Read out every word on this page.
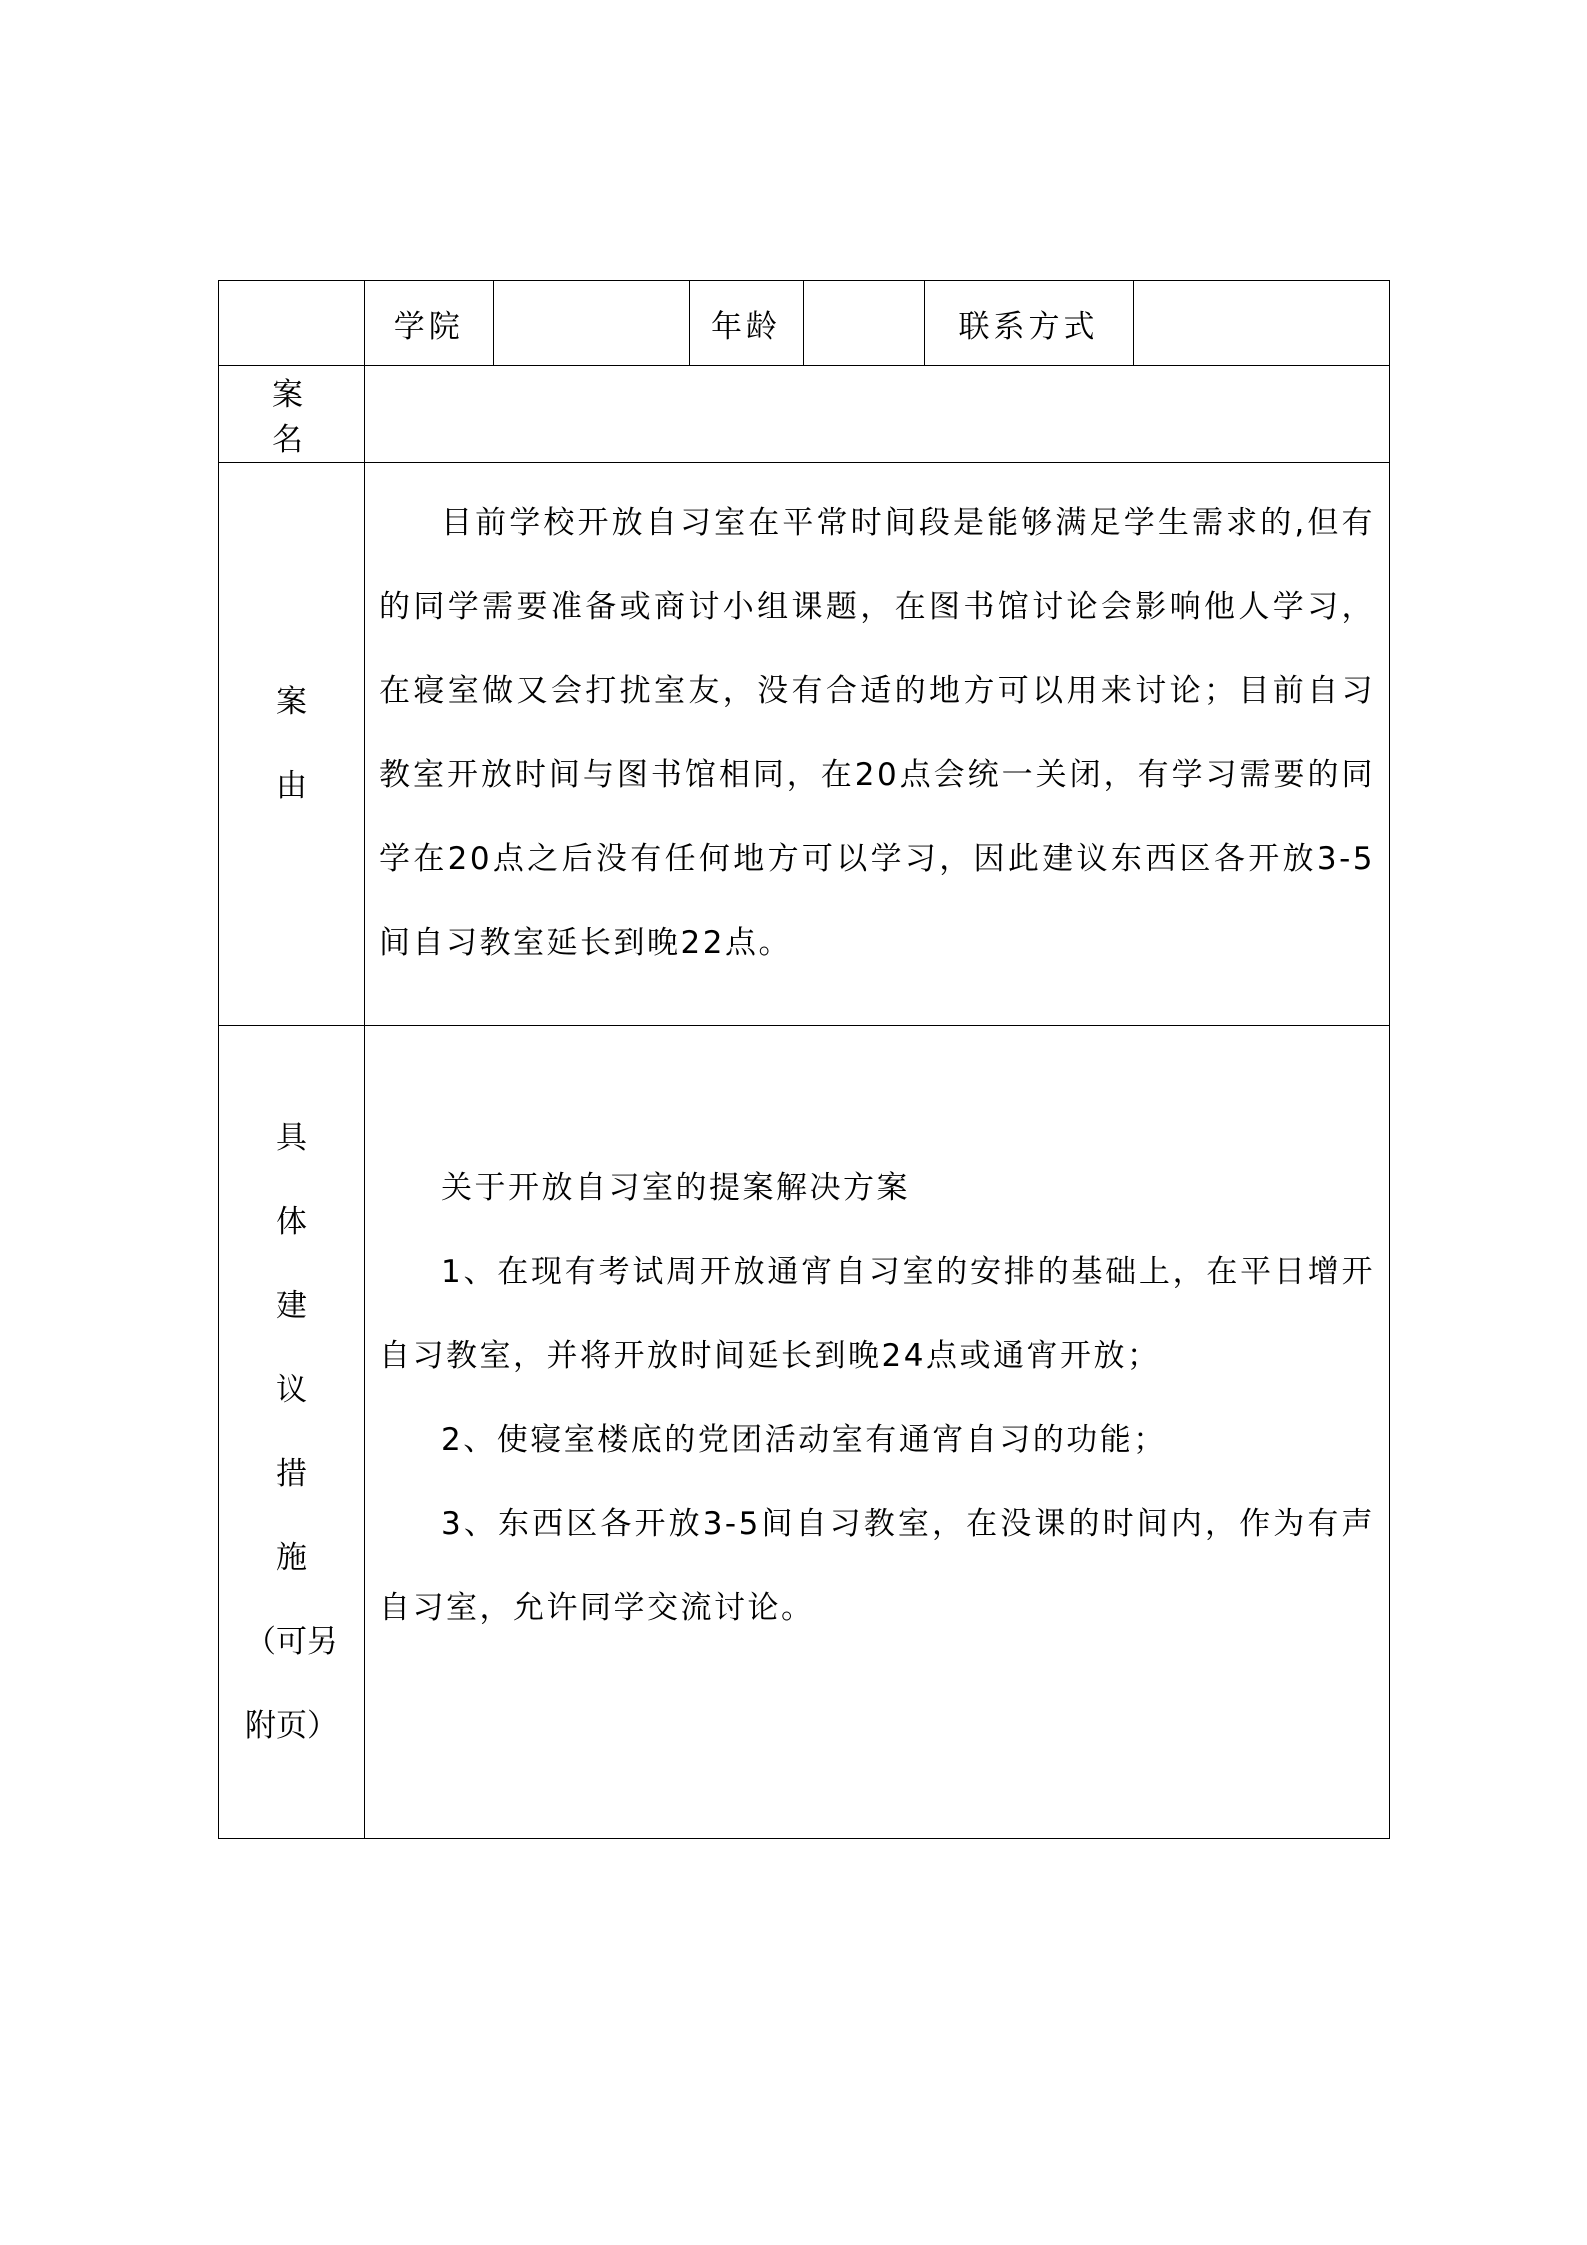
学院		年龄		联系方式	

案 名	

案
由

目前学校开放自习室在平常时间段是能够满足学生需求的,但有的同学需要准备或商讨小组课题，在图书馆讨论会影响他人学习，在寝室做又会打扰室友，没有合适的地方可以用来讨论；目前自习教室开放时间与图书馆相同，在20点会统一关闭，有学习需要的同学在20点之后没有任何地方可以学习，因此建议东西区各开放3-5间自习教室延长到晚22点。

具
体
建
议
措
施
（可另
附页）

关于开放自习室的提案解决方案

1、在现有考试周开放通宵自习室的安排的基础上，在平日增开自习教室，并将开放时间延长到晚24点或通宵开放；

2、使寝室楼底的党团活动室有通宵自习的功能；

3、东西区各开放3-5间自习教室，在没课的时间内，作为有声自习室，允许同学交流讨论。
